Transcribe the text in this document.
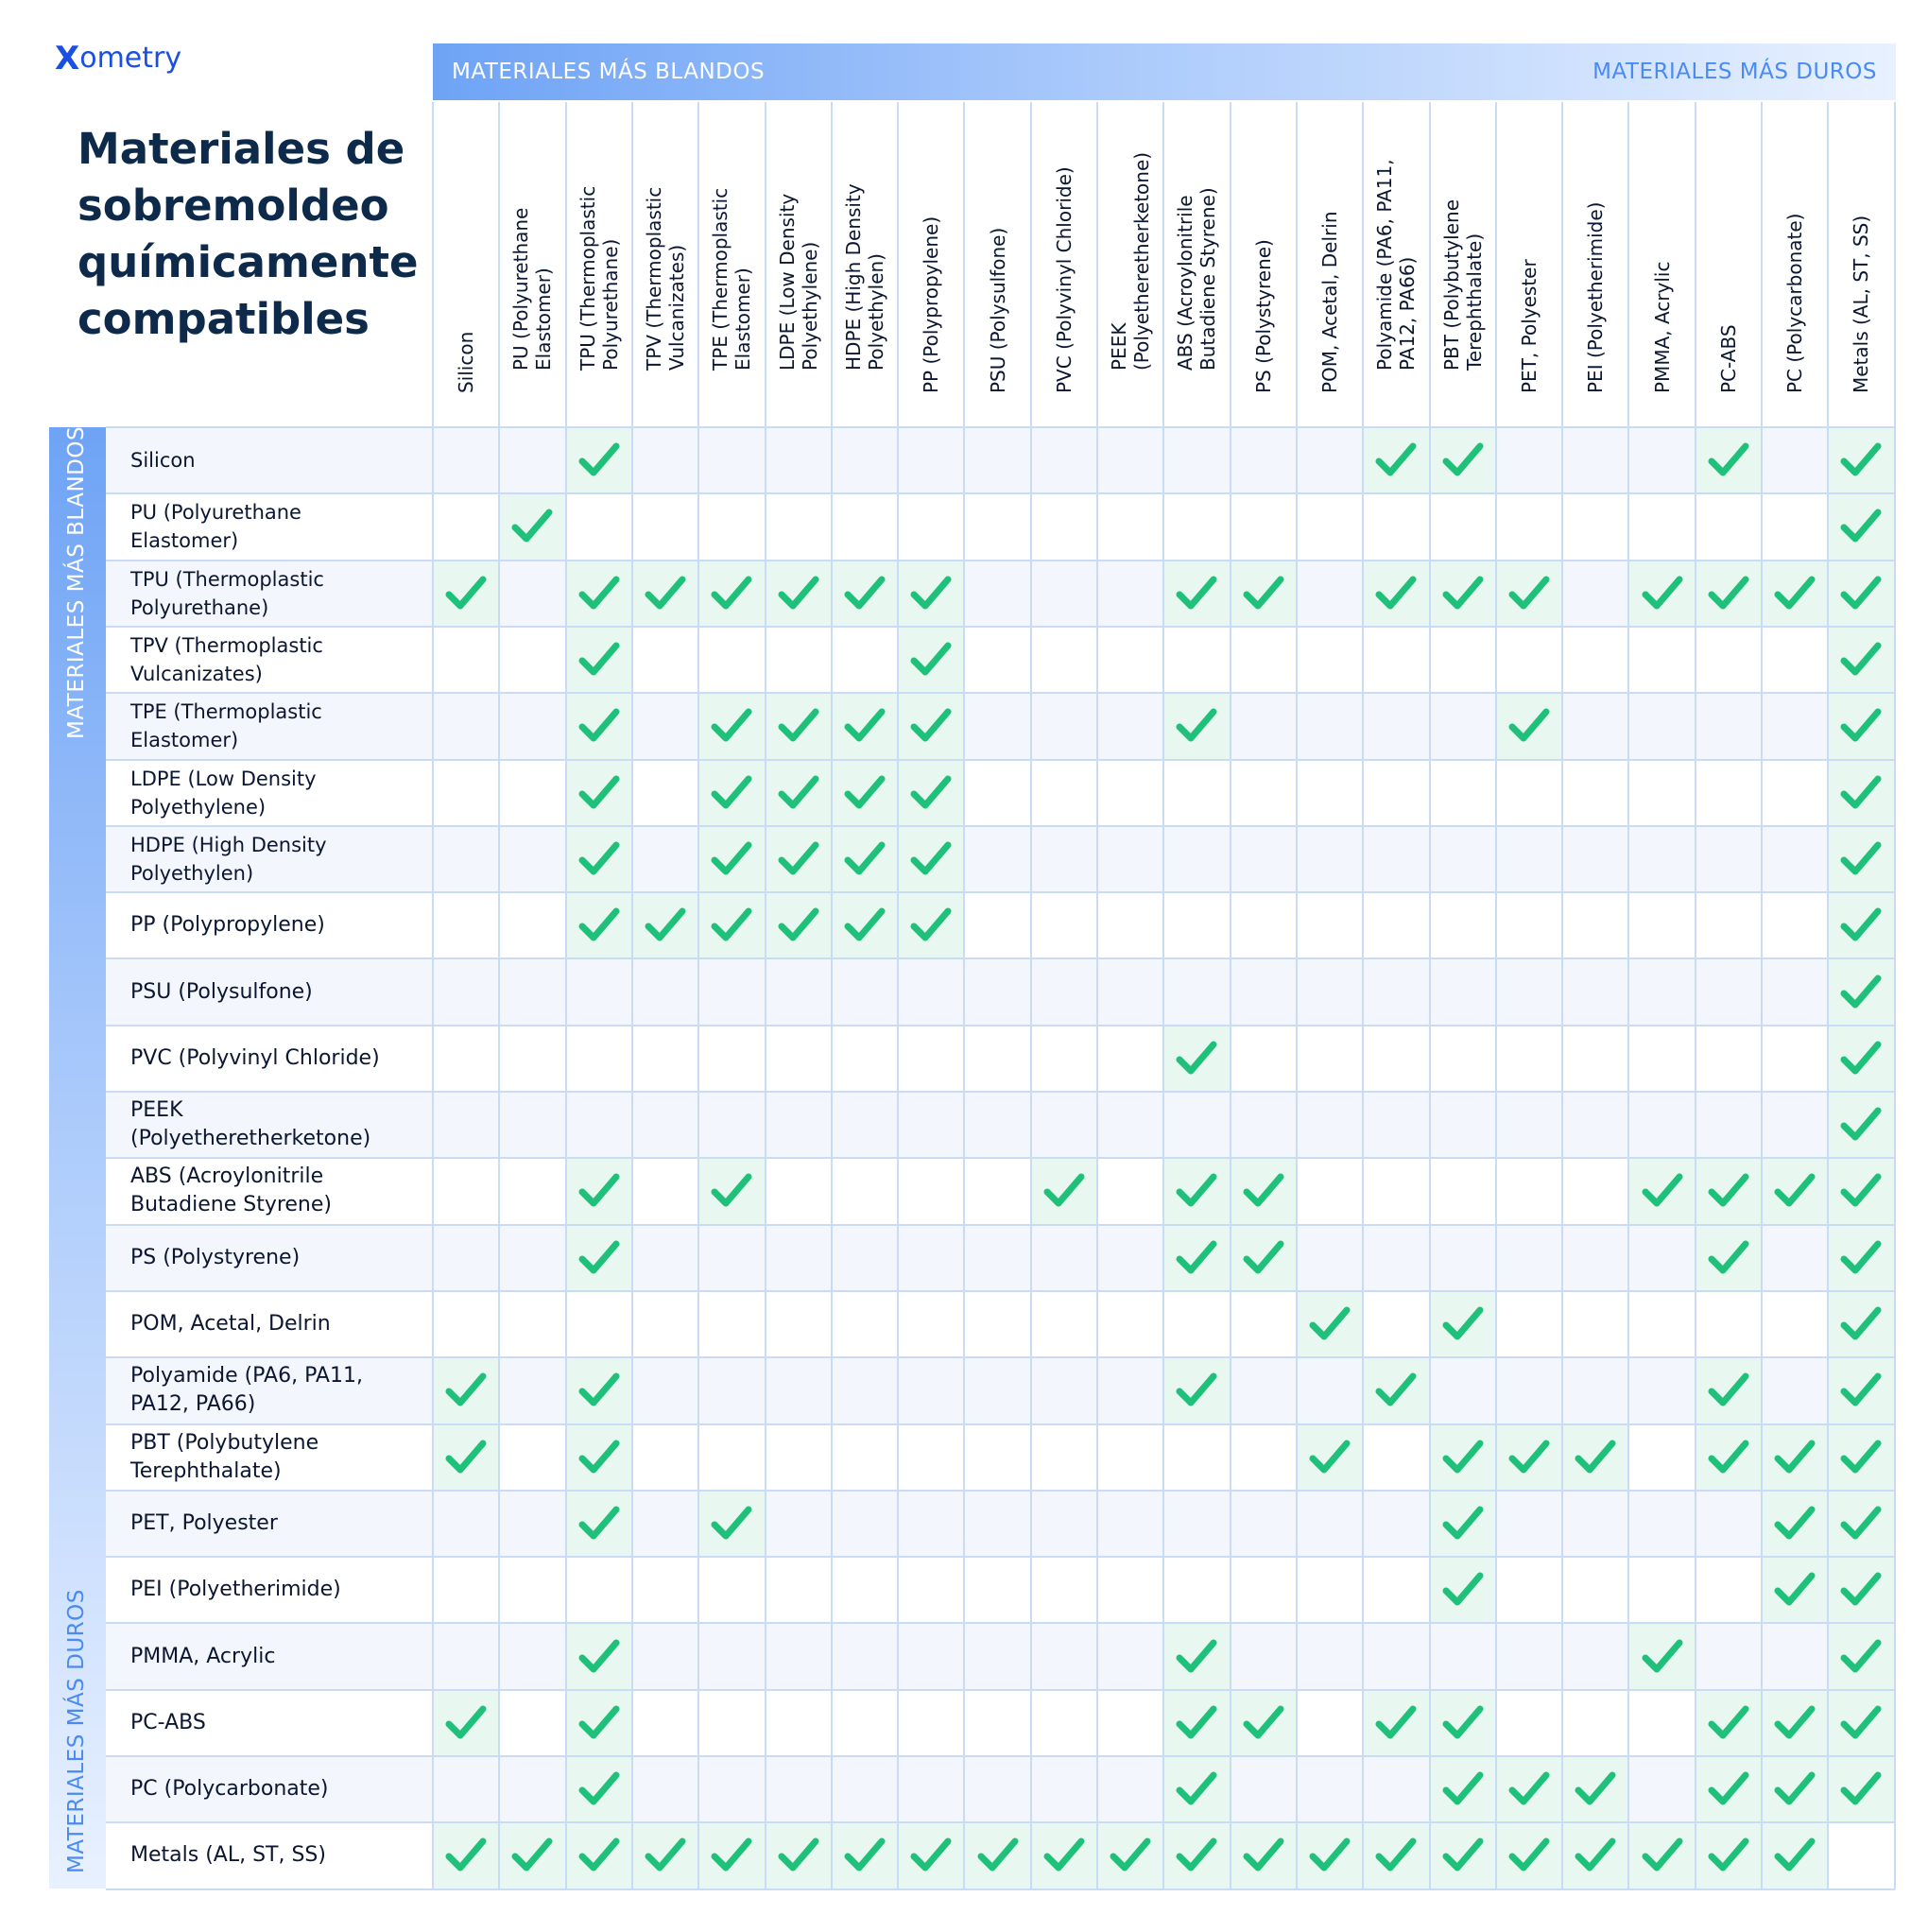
X ometry
Materiales de sobremoldeo químicamente compatibles
MATERIALES MÁS BLANDOS	MATERIALES MÁS DUROS
MATERIALES MÁS BLANDOS
MATERIALES MÁS DUROS
Silicon PU (Polyurethane Elastomer) TPU (Thermoplastic Polyurethane) TPV (Thermoplastic Vulcanizates) TPE (Thermoplastic Elastomer) LDPE (Low Density Polyethylene) HDPE (High Density Polyethylen) PP (Polypropylene) PSU (Polysulfone) PVC (Polyvinyl Chloride) PEEK (Polyetheretherketone) ABS (Acroylonitrile Butadiene Styrene) PS (Polystyrene) POM, Acetal, Delrin Polyamide (PA6, PA11, PA12, PA66) PBT (Polybutylene Terephthalate) PET, Polyester PEI (Polyetherimide) PMMA, Acrylic PC-ABS PC (Polycarbonate) Metals (AL, ST, SS)
Silicon
PU (Polyurethane
Elastomer)
TPU (Thermoplastic
Polyurethane)
TPV (Thermoplastic
Vulcanizates)
TPE (Thermoplastic
Elastomer)
LDPE (Low Density
Polyethylene)
HDPE (High Density
Polyethylen)
PP (Polypropylene)
PSU (Polysulfone)
PVC (Polyvinyl Chloride)
PEEK
(Polyetheretherketone)
ABS (Acroylonitrile
Butadiene Styrene)
PS (Polystyrene)
POM, Acetal, Delrin
Polyamide (PA6, PA11,
PA12, PA66)
PBT (Polybutylene
Terephthalate)
PET, Polyester
PEI (Polyetherimide)
PMMA, Acrylic
PC-ABS
PC (Polycarbonate)
Metals (AL, ST, SS)
